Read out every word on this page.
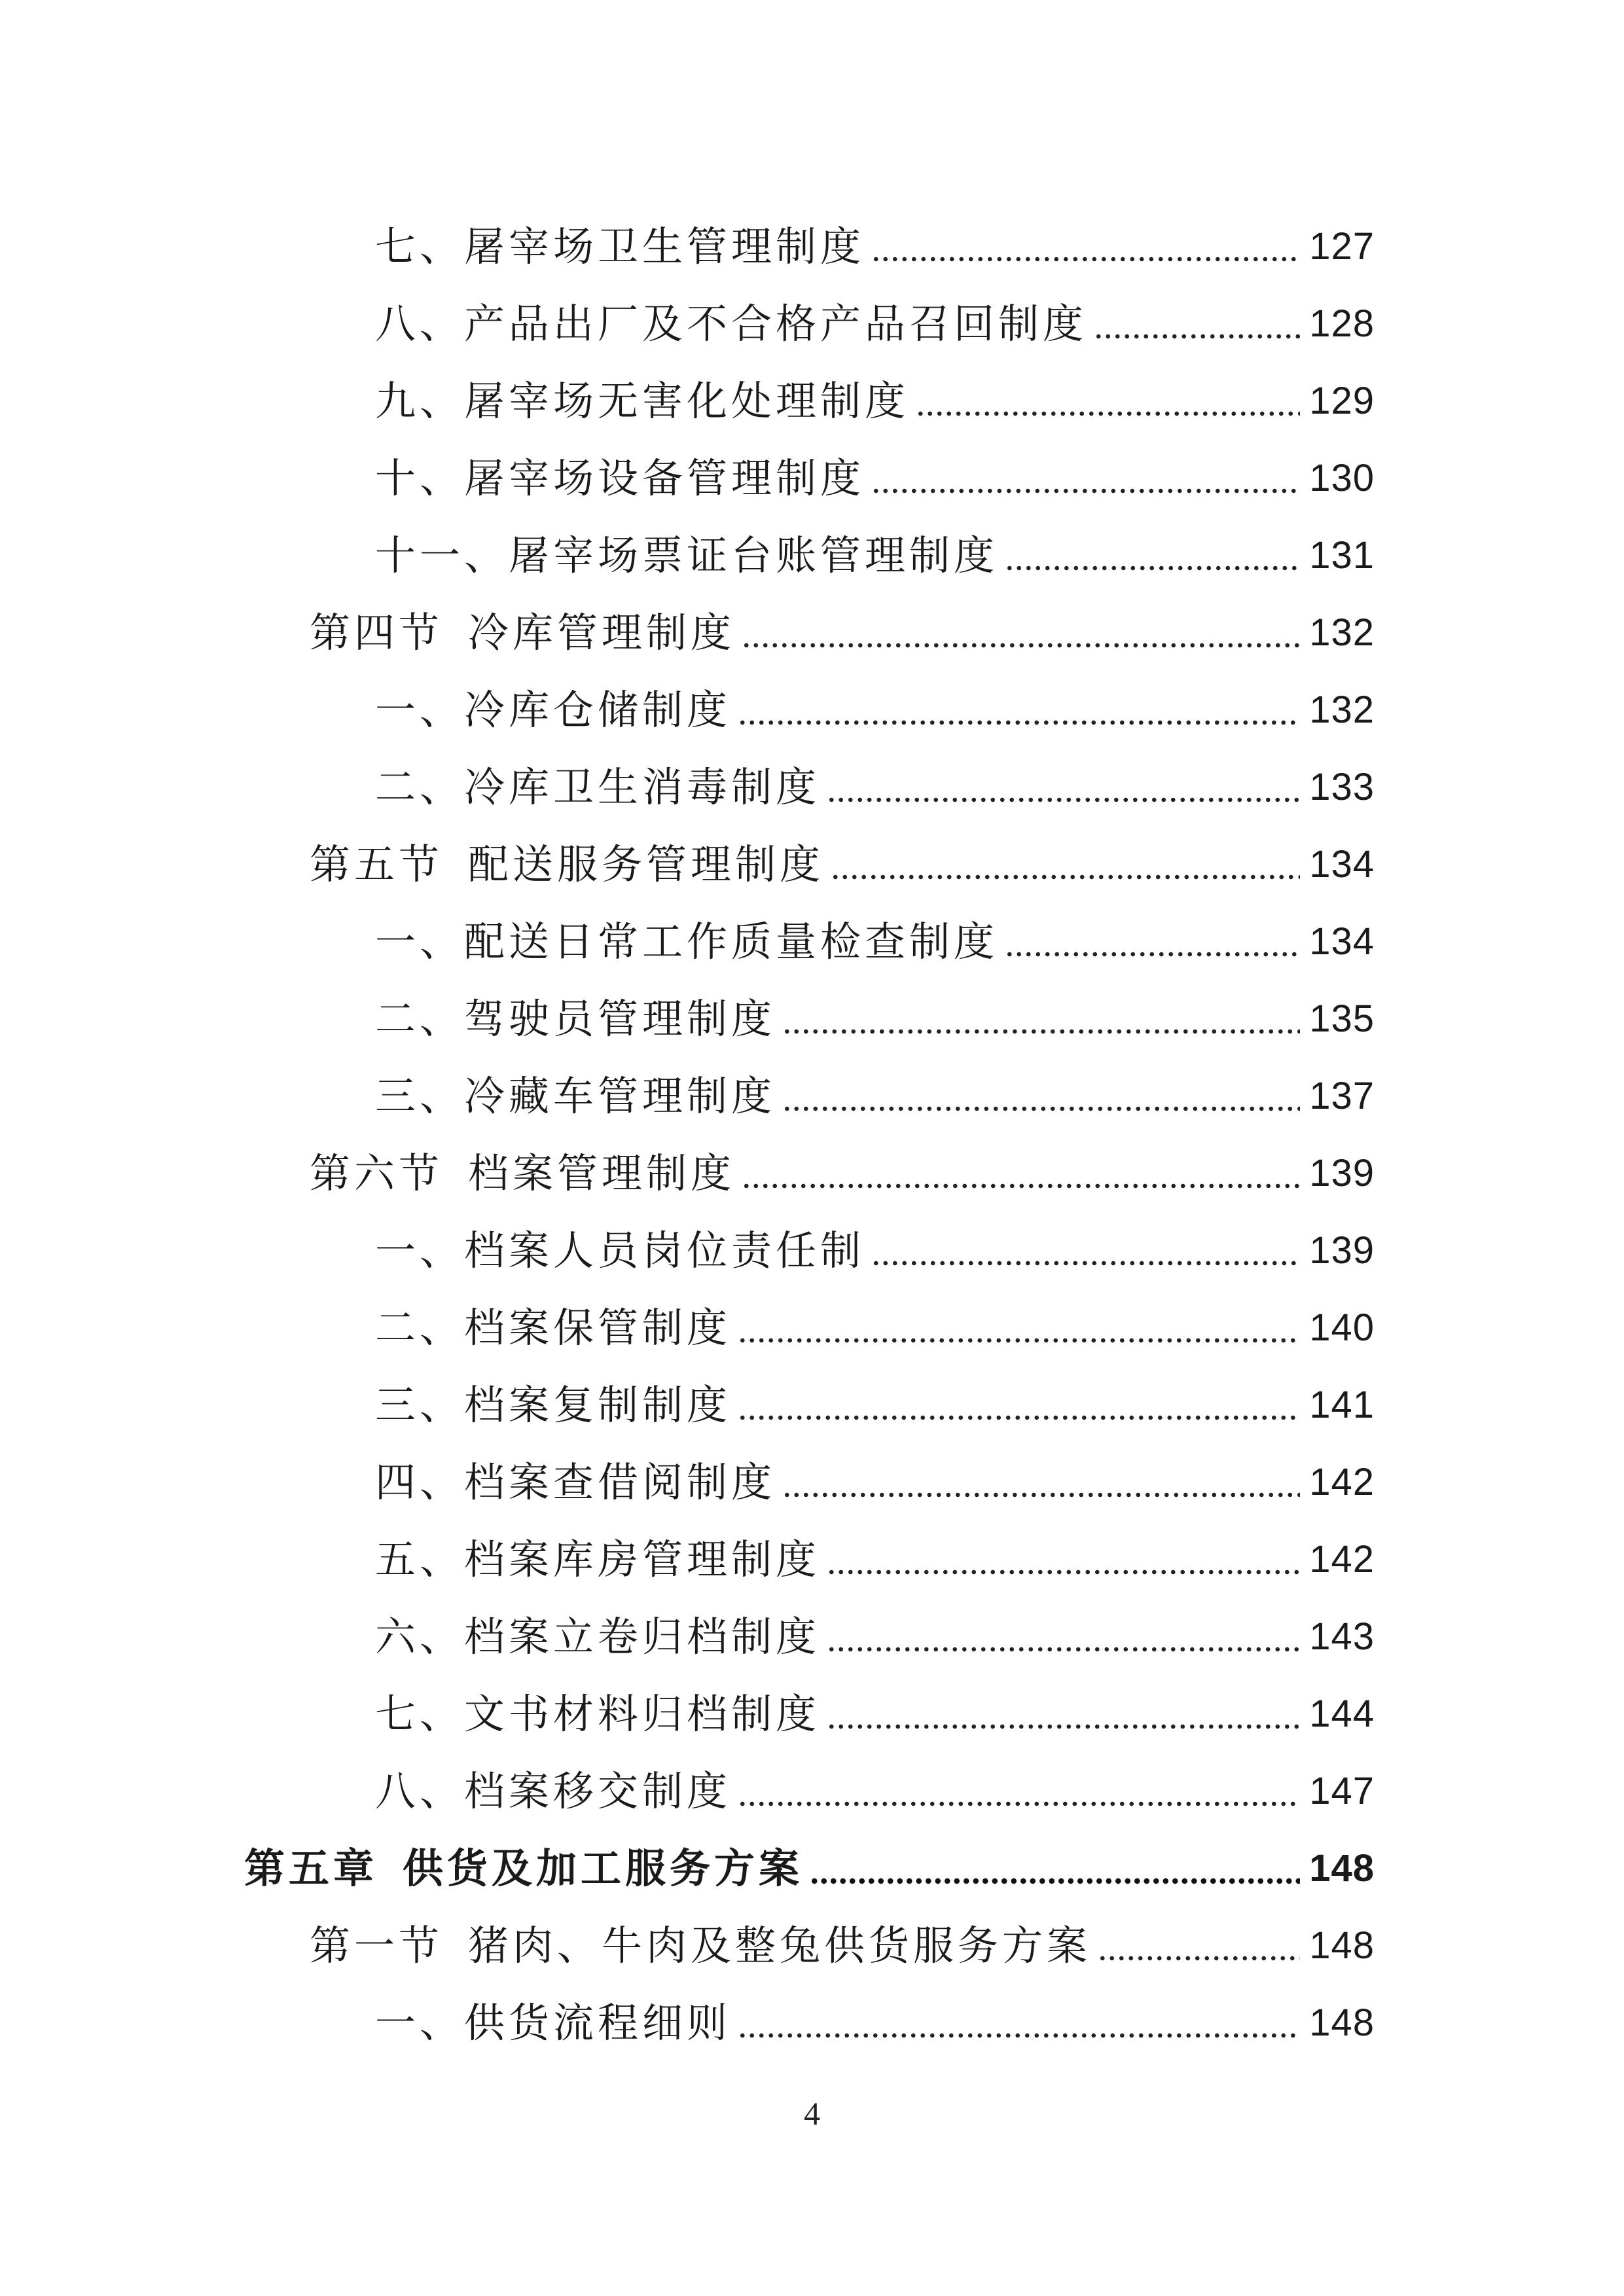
七、屠宰场卫生管理制度	127
八、产品出厂及不合格产品召回制度	128
九、屠宰场无害化处理制度	129
十、屠宰场设备管理制度	130
十一、屠宰场票证台账管理制度	131
第四节 冷库管理制度	132
一、冷库仓储制度	132
二、冷库卫生消毒制度	133
第五节 配送服务管理制度	134
一、配送日常工作质量检查制度	134
二、驾驶员管理制度	135
三、冷藏车管理制度	137
第六节 档案管理制度	139
一、档案人员岗位责任制	139
二、档案保管制度	140
三、档案复制制度	141
四、档案查借阅制度	142
五、档案库房管理制度	142
六、档案立卷归档制度	143
七、文书材料归档制度	144
八、档案移交制度	147
第五章 供货及加工服务方案	148
第一节 猪肉、牛肉及整兔供货服务方案	148
一、供货流程细则	148
4
